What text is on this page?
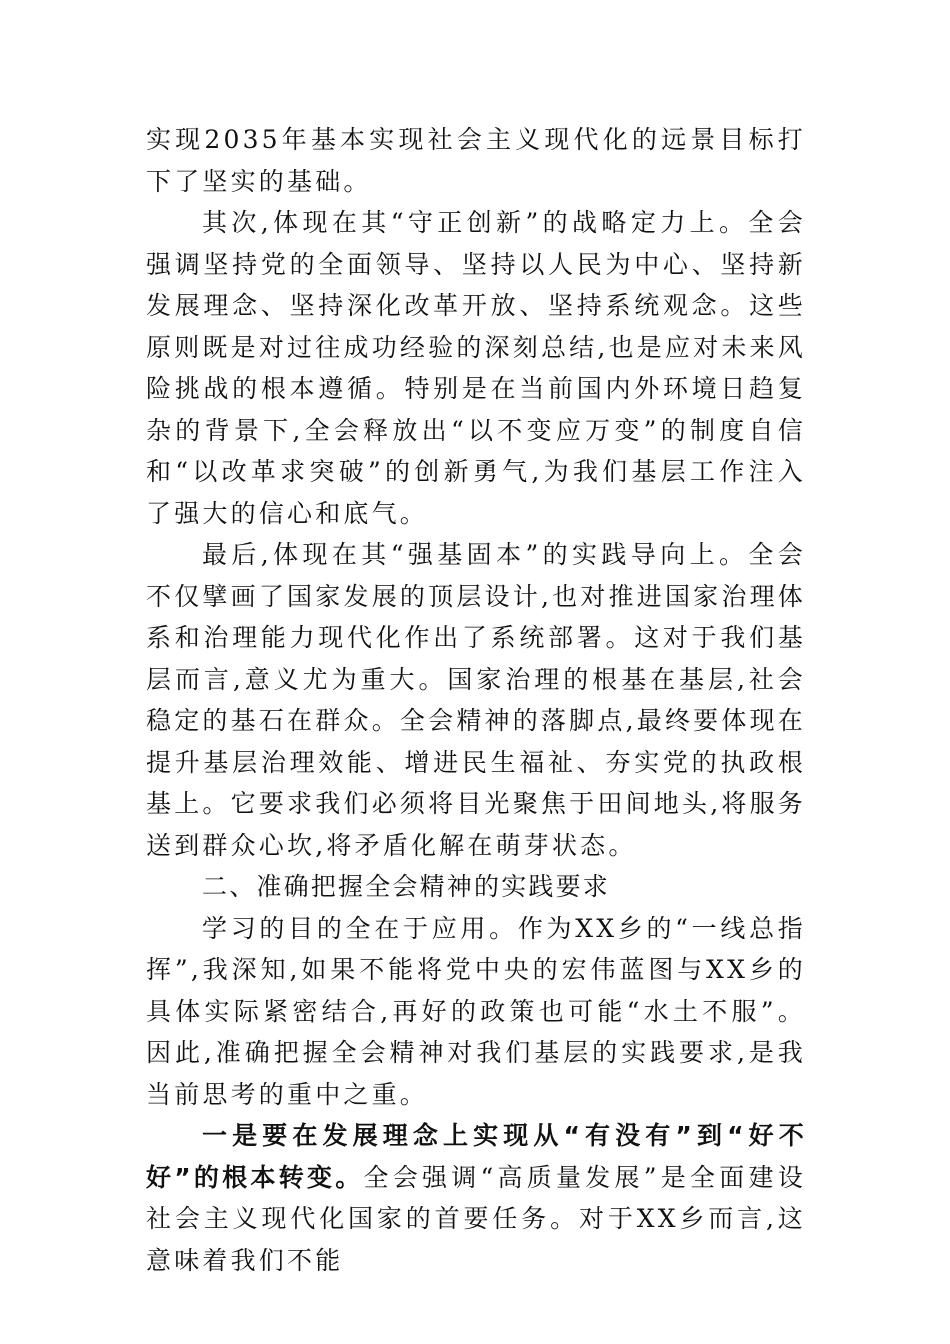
实现2035年基本实现社会主义现代化的远景目标打下了坚实的基础。

其次,体现在其“守正创新”的战略定力上。全会强调坚持党的全面领导、坚持以人民为中心、坚持新发展理念、坚持深化改革开放、坚持系统观念。这些原则既是对过往成功经验的深刻总结,也是应对未来风险挑战的根本遵循。特别是在当前国内外环境日趋复杂的背景下,全会释放出“以不变应万变”的制度自信和“以改革求突破”的创新勇气,为我们基层工作注入了强大的信心和底气。

最后,体现在其“强基固本”的实践导向上。全会不仅擘画了国家发展的顶层设计,也对推进国家治理体系和治理能力现代化作出了系统部署。这对于我们基层而言,意义尤为重大。国家治理的根基在基层,社会稳定的基石在群众。全会精神的落脚点,最终要体现在提升基层治理效能、增进民生福祉、夯实党的执政根基上。它要求我们必须将目光聚焦于田间地头,将服务送到群众心坎,将矛盾化解在萌芽状态。

二、准确把握全会精神的实践要求

学习的目的全在于应用。作为XX乡的“一线总指挥”,我深知,如果不能将党中央的宏伟蓝图与XX乡的具体实际紧密结合,再好的政策也可能“水土不服”。因此,准确把握全会精神对我们基层的实践要求,是我当前思考的重中之重。

一是要在发展理念上实现从“有没有”到“好不好”的根本转变。全会强调“高质量发展”是全面建设社会主义现代化国家的首要任务。对于XX乡而言,这意味着我们不能
